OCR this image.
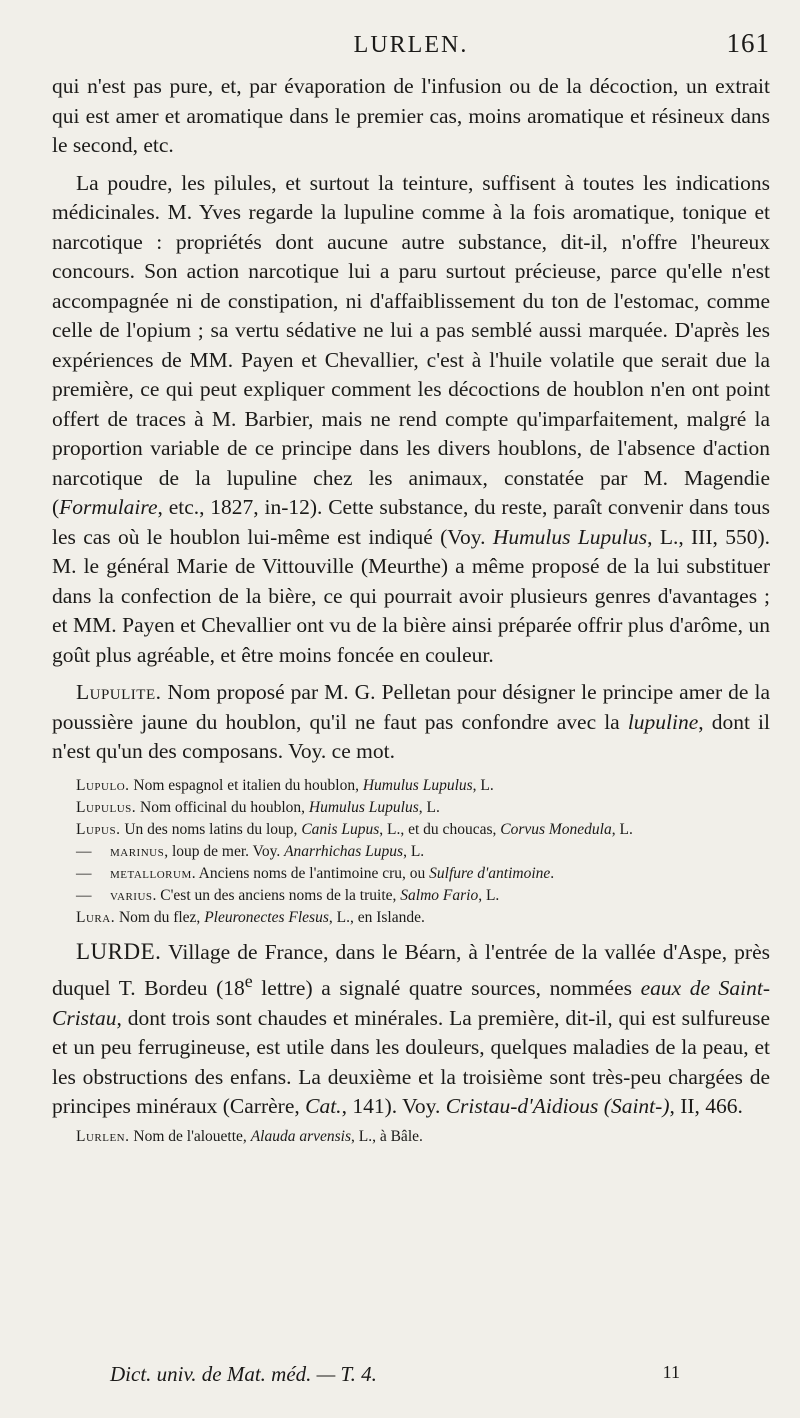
LURLEN.	161

qui n'est pas pure, et, par évaporation de l'infusion ou de la décoction, un extrait qui est amer et aromatique dans le premier cas, moins aromatique et résineux dans le second, etc.

La poudre, les pilules, et surtout la teinture, suffisent à toutes les indications médicinales. M. Yves regarde la lupuline comme à la fois aromatique, tonique et narcotique : propriétés dont aucune autre substance, dit-il, n'offre l'heureux concours. Son action narcotique lui a paru surtout précieuse, parce qu'elle n'est accompagnée ni de constipation, ni d'affaiblissement du ton de l'estomac, comme celle de l'opium ; sa vertu sédative ne lui a pas semblé aussi marquée. D'après les expériences de MM. Payen et Chevallier, c'est à l'huile volatile que serait due la première, ce qui peut expliquer comment les décoctions de houblon n'en ont point offert de traces à M. Barbier, mais ne rend compte qu'imparfaitement, malgré la proportion variable de ce principe dans les divers houblons, de l'absence d'action narcotique de la lupuline chez les animaux, constatée par M. Magendie (Formulaire, etc., 1827, in-12). Cette substance, du reste, paraît convenir dans tous les cas où le houblon lui-même est indiqué (Voy. Humulus Lupulus, L., III, 550). M. le général Marie de Vittouville (Meurthe) a même proposé de la lui substituer dans la confection de la bière, ce qui pourrait avoir plusieurs genres d'avantages ; et MM. Payen et Chevallier ont vu de la bière ainsi préparée offrir plus d'arôme, un goût plus agréable, et être moins foncée en couleur.

Lupulite. Nom proposé par M. G. Pelletan pour désigner le principe amer de la poussière jaune du houblon, qu'il ne faut pas confondre avec la lupuline, dont il n'est qu'un des composans. Voy. ce mot.

Lupulo. Nom espagnol et italien du houblon, Humulus Lupulus, L.

Lupulus. Nom officinal du houblon, Humulus Lupulus, L.

Lupus. Un des noms latins du loup, Canis Lupus, L., et du choucas, Corvus Monedula, L.

— marinus, loup de mer. Voy. Anarrhichas Lupus, L.

— metallorum. Anciens noms de l'antimoine cru, ou Sulfure d'antimoine.

— varius. C'est un des anciens noms de la truite, Salmo Fario, L.

Lura. Nom du flez, Pleuronectes Flesus, L., en Islande.

LURDE. Village de France, dans le Béarn, à l'entrée de la vallée d'Aspe, près duquel T. Bordeu (18e lettre) a signalé quatre sources, nommées eaux de Saint-Cristau, dont trois sont chaudes et minérales. La première, dit-il, qui est sulfureuse et un peu ferrugineuse, est utile dans les douleurs, quelques maladies de la peau, et les obstructions des enfans. La deuxième et la troisième sont très-peu chargées de principes minéraux (Carrère, Cat., 141). Voy. Cristau-d'Aidious (Saint-), II, 466.

Lurlen. Nom de l'alouette, Alauda arvensis, L., à Bâle.

Dict. univ. de Mat. méd. — T. 4.	11
